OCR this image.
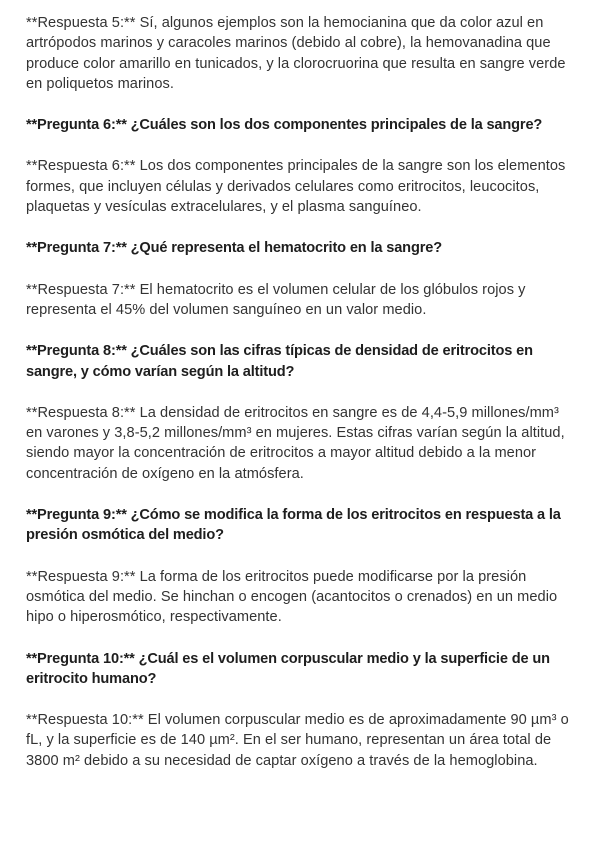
**Respuesta 5:** Sí, algunos ejemplos son la hemocianina que da color azul en artrópodos marinos y caracoles marinos (debido al cobre), la hemovanadina que produce color amarillo en tunicados, y la clorocruorina que resulta en sangre verde en poliquetos marinos.

**Pregunta 6:** ¿Cuáles son los dos componentes principales de la sangre?

**Respuesta 6:** Los dos componentes principales de la sangre son los elementos formes, que incluyen células y derivados celulares como eritrocitos, leucocitos, plaquetas y vesículas extracelulares, y el plasma sanguíneo.

**Pregunta 7:** ¿Qué representa el hematocrito en la sangre?

**Respuesta 7:** El hematocrito es el volumen celular de los glóbulos rojos y representa el 45% del volumen sanguíneo en un valor medio.

**Pregunta 8:** ¿Cuáles son las cifras típicas de densidad de eritrocitos en sangre, y cómo varían según la altitud?

**Respuesta 8:** La densidad de eritrocitos en sangre es de 4,4-5,9 millones/mm³ en varones y 3,8-5,2 millones/mm³ en mujeres. Estas cifras varían según la altitud, siendo mayor la concentración de eritrocitos a mayor altitud debido a la menor concentración de oxígeno en la atmósfera.

**Pregunta 9:** ¿Cómo se modifica la forma de los eritrocitos en respuesta a la presión osmótica del medio?

**Respuesta 9:** La forma de los eritrocitos puede modificarse por la presión osmótica del medio. Se hinchan o encogen (acantocitos o crenados) en un medio hipo o hiperosmótico, respectivamente.

**Pregunta 10:** ¿Cuál es el volumen corpuscular medio y la superficie de un eritrocito humano?

**Respuesta 10:** El volumen corpuscular medio es de aproximadamente 90 µm³ o fL, y la superficie es de 140 µm². En el ser humano, representan un área total de 3800 m² debido a su necesidad de captar oxígeno a través de la hemoglobina.
